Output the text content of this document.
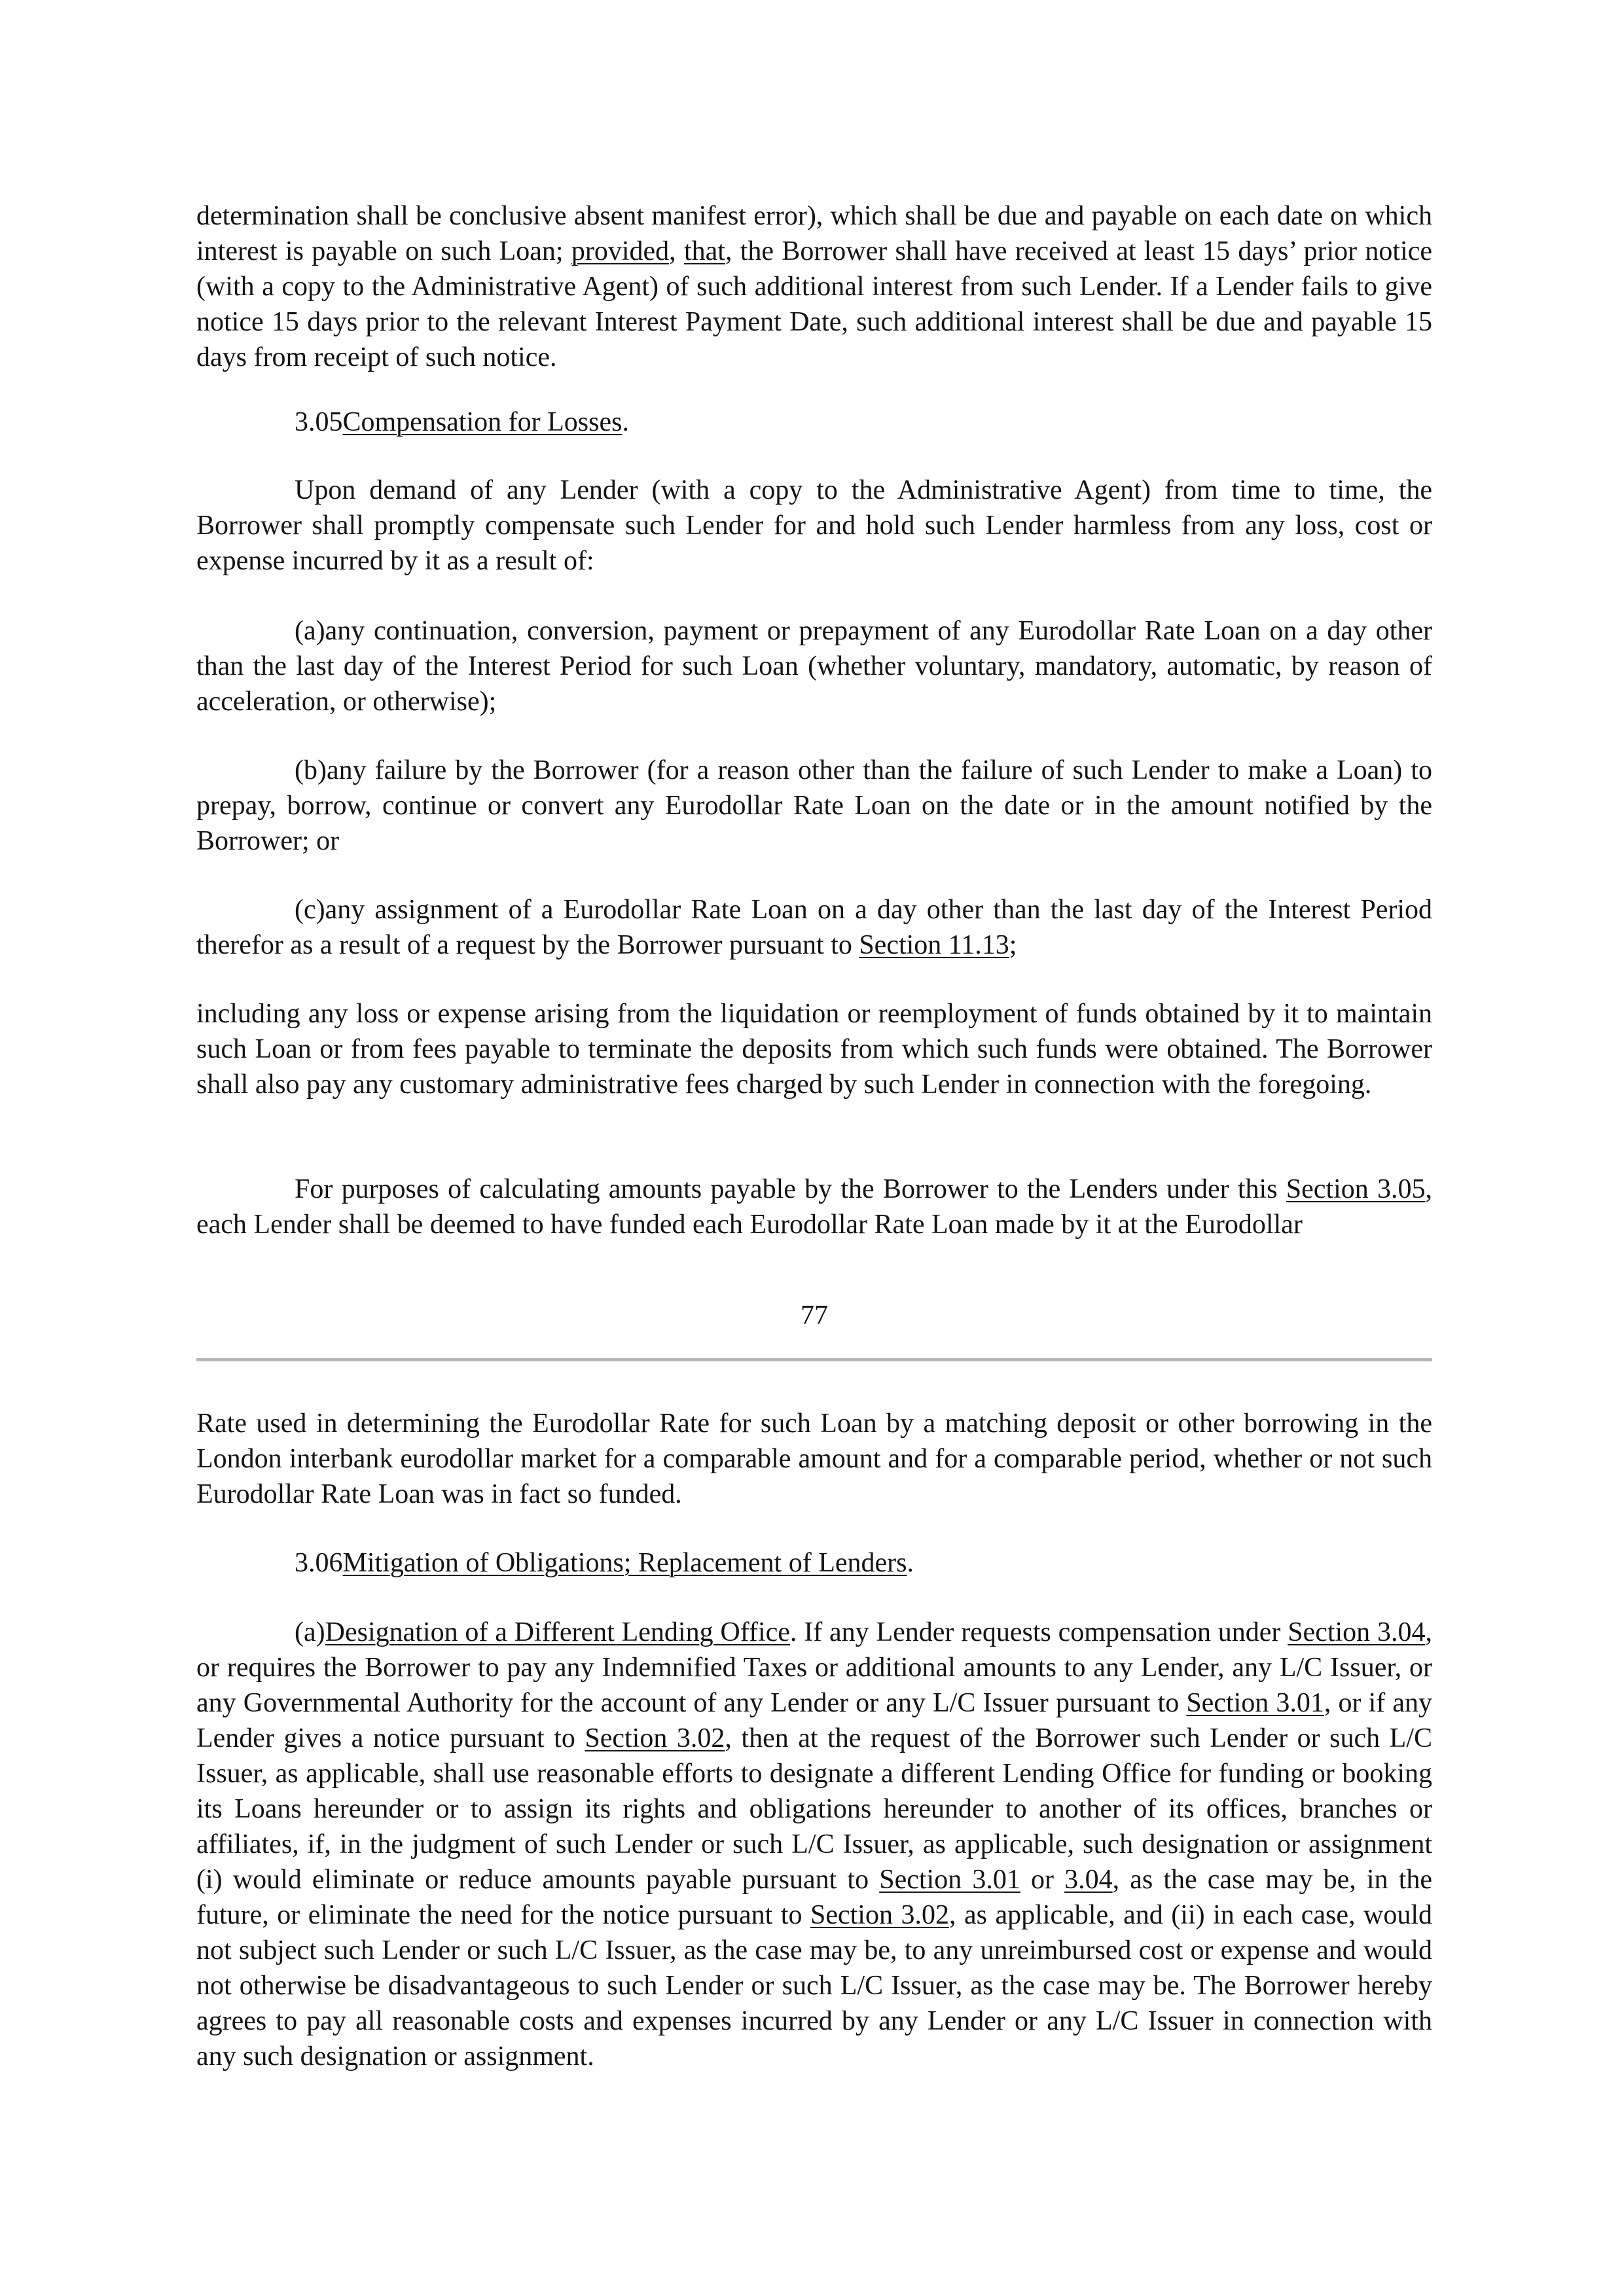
determination shall be conclusive absent manifest error), which shall be due and payable on each date on which interest is payable on such Loan; provided, that, the Borrower shall have received at least 15 days’ prior notice (with a copy to the Administrative Agent) of such additional interest from such Lender. If a Lender fails to give notice 15 days prior to the relevant Interest Payment Date, such additional interest shall be due and payable 15 days from receipt of such notice.

3.05Compensation for Losses.

Upon demand of any Lender (with a copy to the Administrative Agent) from time to time, the Borrower shall promptly compensate such Lender for and hold such Lender harmless from any loss, cost or expense incurred by it as a result of:

(a)any continuation, conversion, payment or prepayment of any Eurodollar Rate Loan on a day other than the last day of the Interest Period for such Loan (whether voluntary, mandatory, automatic, by reason of acceleration, or otherwise);

(b)any failure by the Borrower (for a reason other than the failure of such Lender to make a Loan) to prepay, borrow, continue or convert any Eurodollar Rate Loan on the date or in the amount notified by the Borrower; or

(c)any assignment of a Eurodollar Rate Loan on a day other than the last day of the Interest Period therefor as a result of a request by the Borrower pursuant to Section 11.13;

including any loss or expense arising from the liquidation or reemployment of funds obtained by it to maintain such Loan or from fees payable to terminate the deposits from which such funds were obtained. The Borrower shall also pay any customary administrative fees charged by such Lender in connection with the foregoing.

For purposes of calculating amounts payable by the Borrower to the Lenders under this Section 3.05, each Lender shall be deemed to have funded each Eurodollar Rate Loan made by it at the Eurodollar

77

Rate used in determining the Eurodollar Rate for such Loan by a matching deposit or other borrowing in the London interbank eurodollar market for a comparable amount and for a comparable period, whether or not such Eurodollar Rate Loan was in fact so funded.

3.06Mitigation of Obligations; Replacement of Lenders.

(a)Designation of a Different Lending Office. If any Lender requests compensation under Section 3.04, or requires the Borrower to pay any Indemnified Taxes or additional amounts to any Lender, any L/C Issuer, or any Governmental Authority for the account of any Lender or any L/C Issuer pursuant to Section 3.01, or if any Lender gives a notice pursuant to Section 3.02, then at the request of the Borrower such Lender or such L/C Issuer, as applicable, shall use reasonable efforts to designate a different Lending Office for funding or booking its Loans hereunder or to assign its rights and obligations hereunder to another of its offices, branches or affiliates, if, in the judgment of such Lender or such L/C Issuer, as applicable, such designation or assignment (i) would eliminate or reduce amounts payable pursuant to Section 3.01 or 3.04, as the case may be, in the future, or eliminate the need for the notice pursuant to Section 3.02, as applicable, and (ii) in each case, would not subject such Lender or such L/C Issuer, as the case may be, to any unreimbursed cost or expense and would not otherwise be disadvantageous to such Lender or such L/C Issuer, as the case may be. The Borrower hereby agrees to pay all reasonable costs and expenses incurred by any Lender or any L/C Issuer in connection with any such designation or assignment.
